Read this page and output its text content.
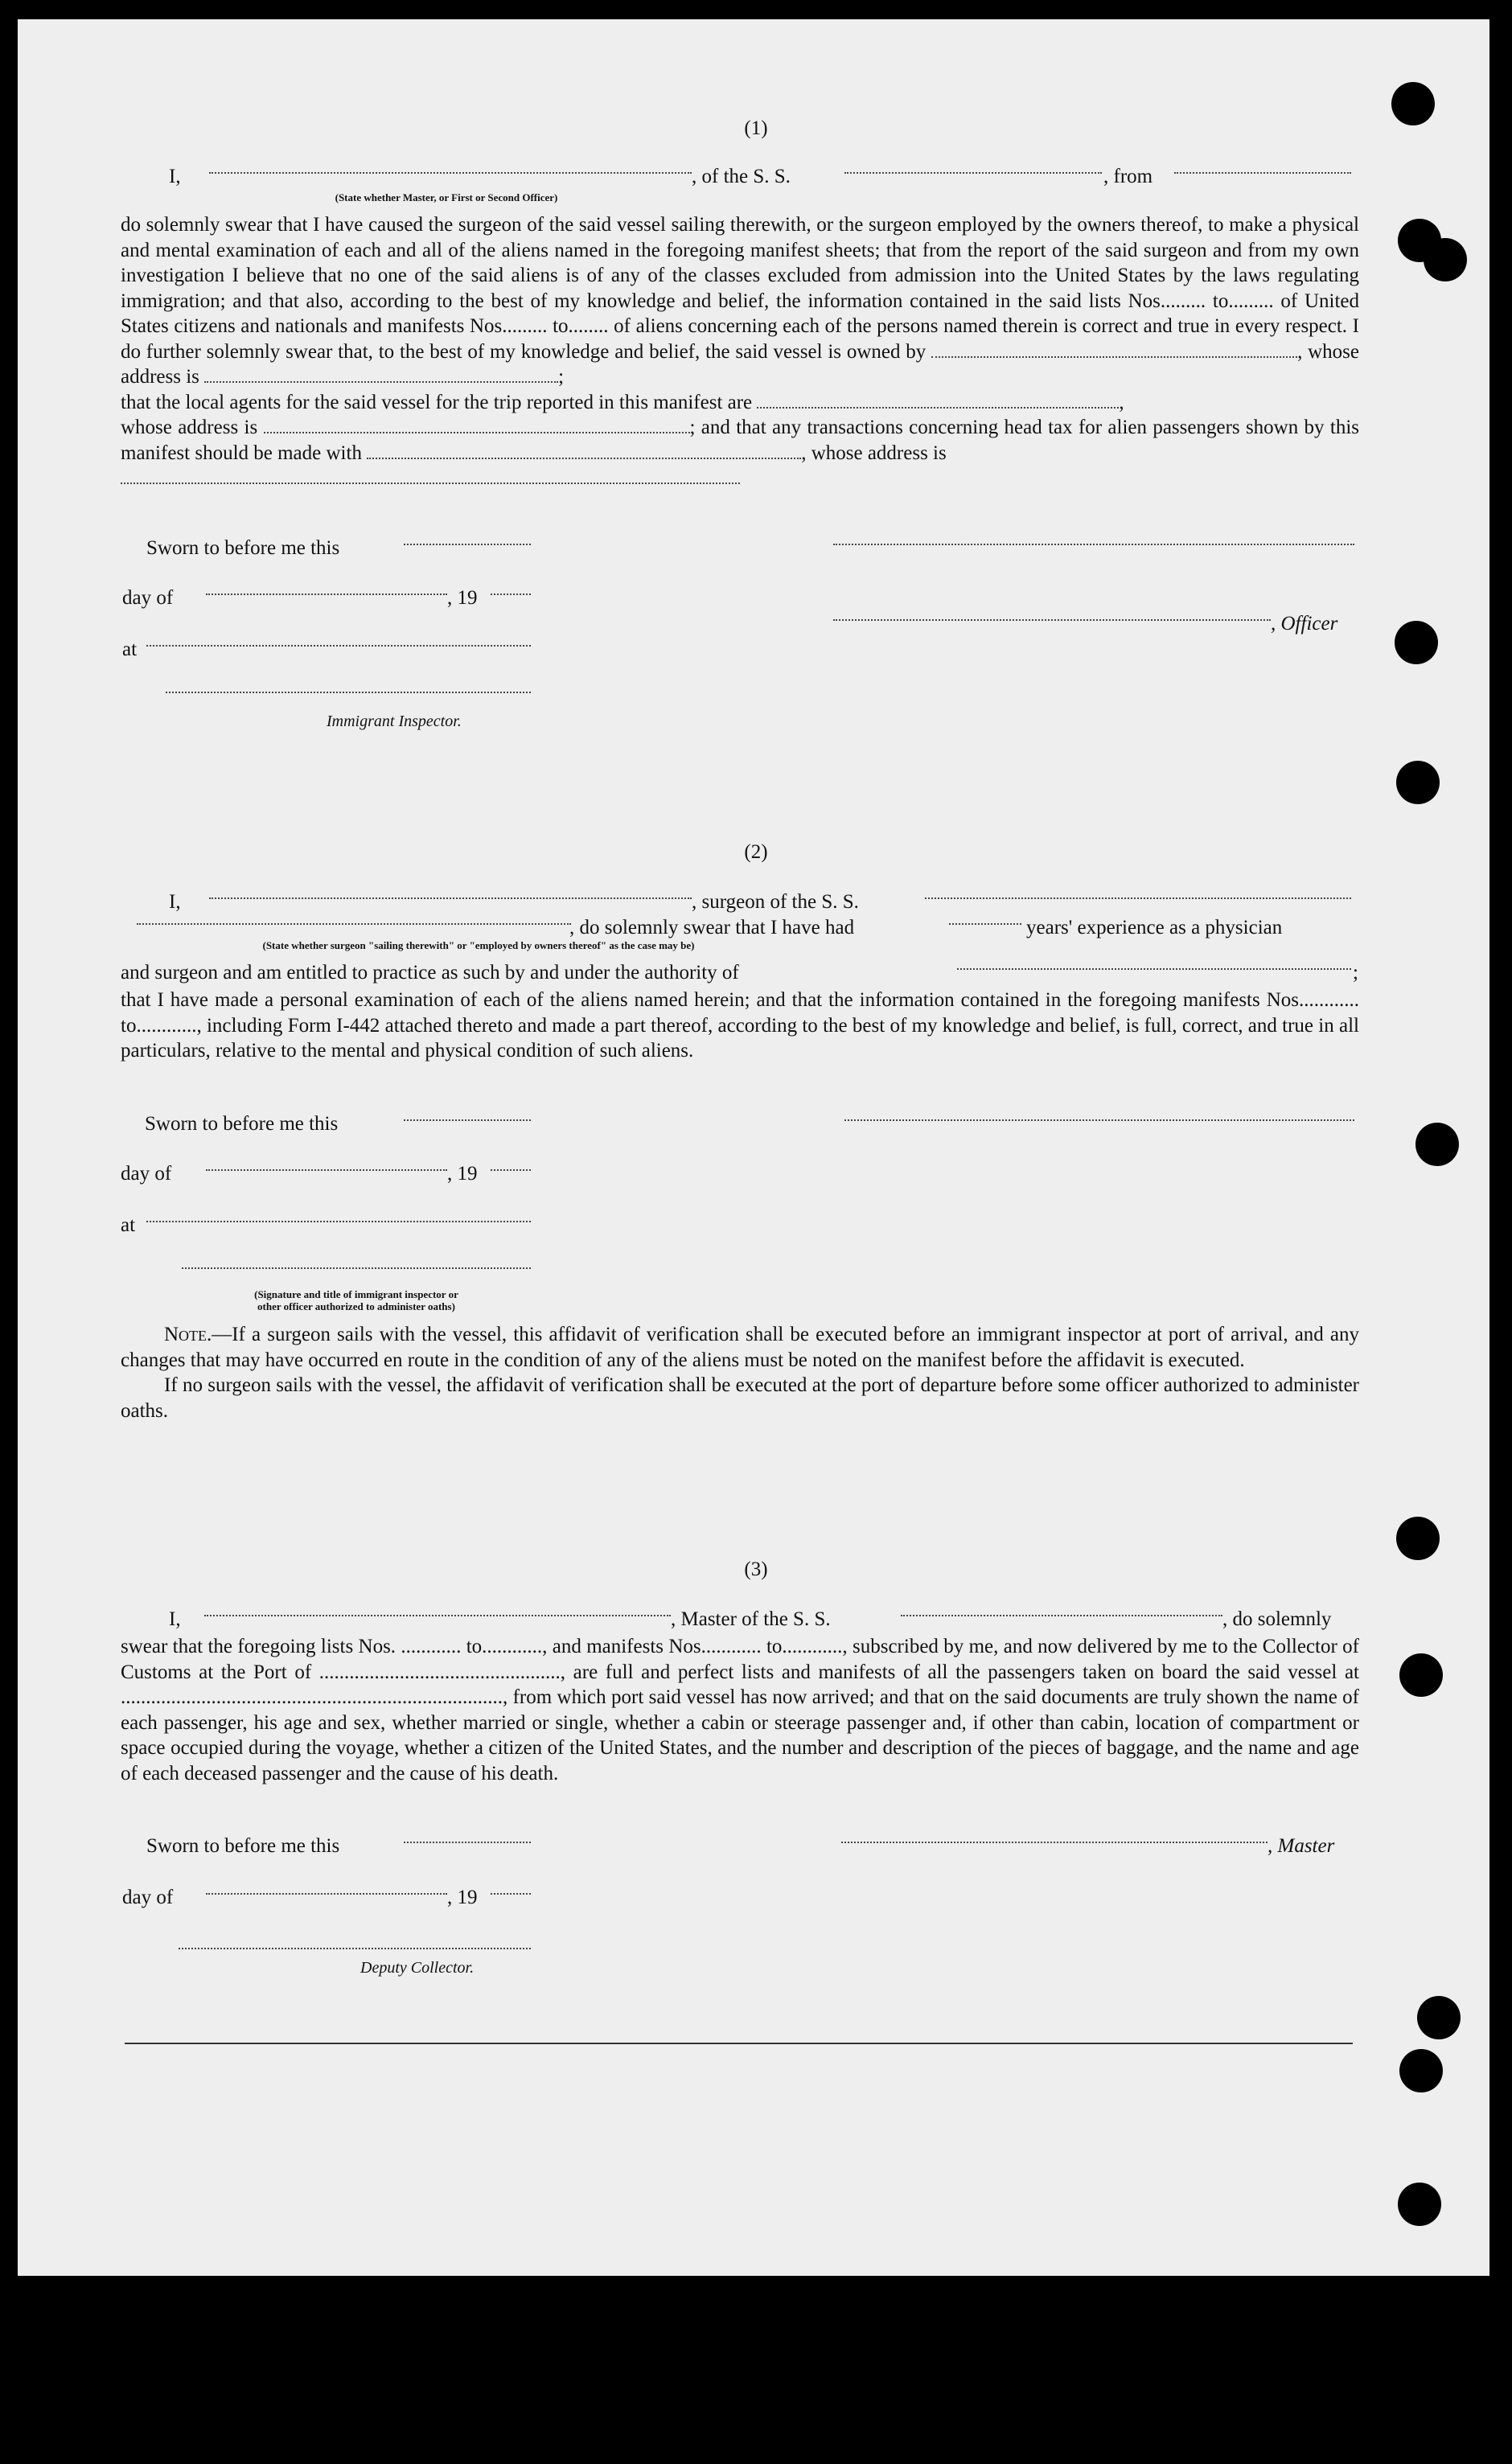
(1)
I,	, of the S. S.	, from
(State whether Master, or First or Second Officer)

do solemnly swear that I have caused the surgeon of the said vessel sailing therewith, or the surgeon employed by the owners thereof, to make a physical and mental examination of each and all of the aliens named in the foregoing manifest sheets; that from the report of the said surgeon and from my own investigation I believe that no one of the said aliens is of any of the classes excluded from admission into the United States by the laws regulating immigration; and that also, according to the best of my knowledge and belief, the information contained in the said lists Nos......... to......... of United States citizens and nationals and manifests Nos......... to........ of aliens concerning each of the persons named therein is correct and true in every respect. I do further solemnly swear that, to the best of my knowledge and belief, the said vessel is owned by	, whose address is	;

that the local agents for the said vessel for the trip reported in this manifest are	,

whose address is	; and that any transactions concerning head tax for alien passengers shown by this manifest should be made with	, whose address is

Sworn to before me this
day of	, 19
, Officer
at
Immigrant Inspector.
(2)
I,	, surgeon of the S. S.
, do solemnly swear that I have had	years' experience as a physician
(State whether surgeon "sailing therewith" or "employed by owners thereof" as the case may be)
and surgeon and am entitled to practice as such by and under the authority of	;

that I have made a personal examination of each of the aliens named herein; and that the information contained in the foregoing manifests Nos............ to............, including Form I-442 attached thereto and made a part thereof, according to the best of my knowledge and belief, is full, correct, and true in all particulars, relative to the mental and physical condition of such aliens.

Sworn to before me this
day of	, 19
at
(Signature and title of immigrant inspector or
other officer authorized to administer oaths)

Note.—If a surgeon sails with the vessel, this affidavit of verification shall be executed before an immigrant inspector at port of arrival, and any changes that may have occurred en route in the condition of any of the aliens must be noted on the manifest before the affidavit is executed.

If no surgeon sails with the vessel, the affidavit of verification shall be executed at the port of departure before some officer authorized to administer oaths.

(3)
I,	, Master of the S. S.	, do solemnly

swear that the foregoing lists Nos. ............ to............, and manifests Nos............ to............, subscribed by me, and now delivered by me to the Collector of Customs at the Port of ................................................, are full and perfect lists and manifests of all the passengers taken on board the said vessel at ............................................................................, from which port said vessel has now arrived; and that on the said documents are truly shown the name of each passenger, his age and sex, whether married or single, whether a cabin or steerage passenger and, if other than cabin, location of compartment or space occupied during the voyage, whether a citizen of the United States, and the number and description of the pieces of baggage, and the name and age of each deceased passenger and the cause of his death.

Sworn to before me this	, Master
day of	, 19
Deputy Collector.
